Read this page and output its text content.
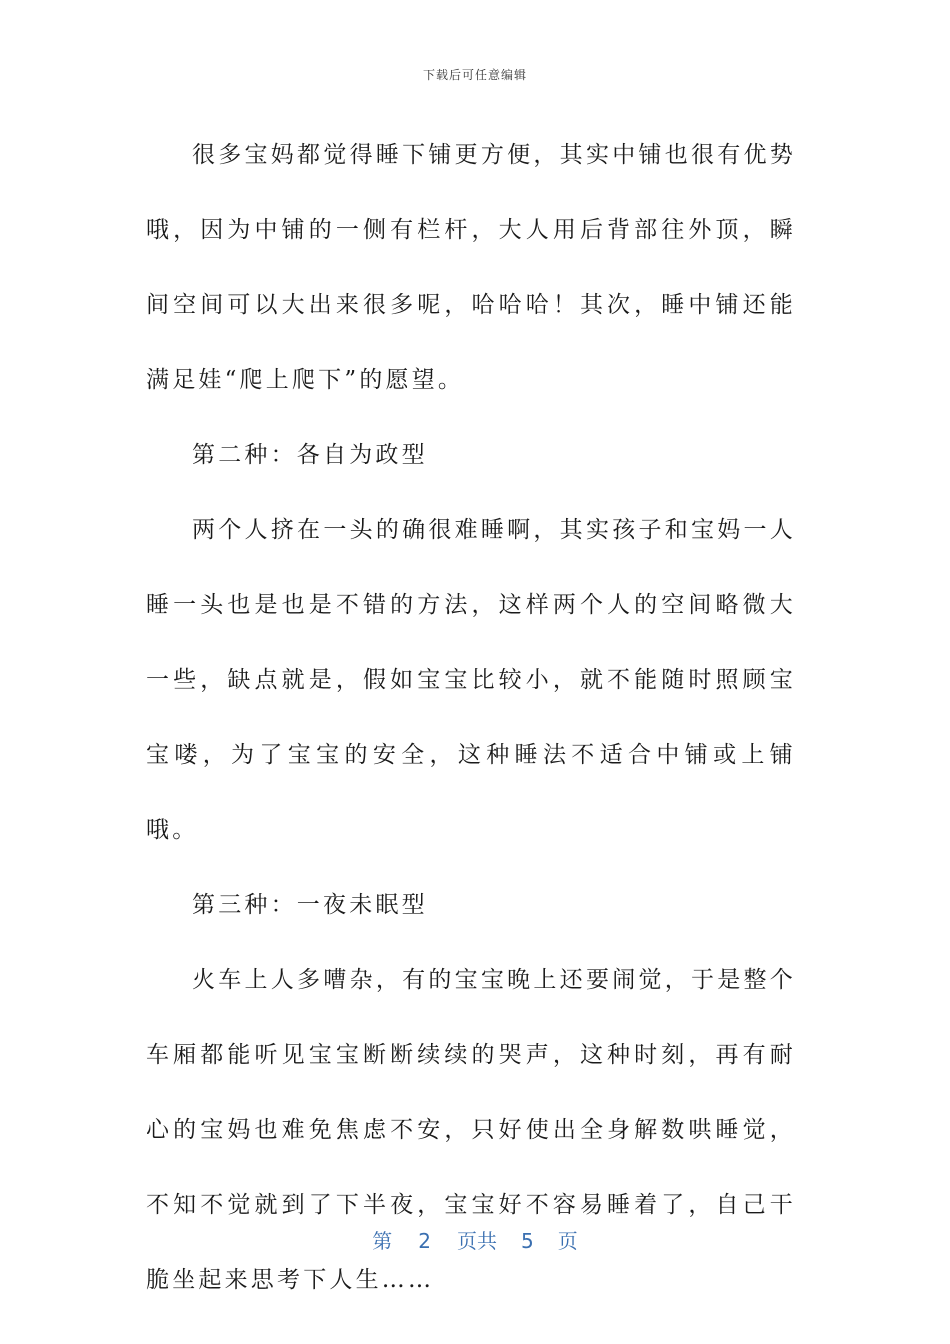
下载后可任意编辑

很多宝妈都觉得睡下铺更方便，其实中铺也很有优势哦，因为中铺的一侧有栏杆，大人用后背部往外顶，瞬间空间可以大出来很多呢，哈哈哈！其次，睡中铺还能满足娃“爬上爬下”的愿望。

第二种：各自为政型

两个人挤在一头的确很难睡啊，其实孩子和宝妈一人睡一头也是也是不错的方法，这样两个人的空间略微大一些，缺点就是，假如宝宝比较小，就不能随时照顾宝宝喽，为了宝宝的安全，这种睡法不适合中铺或上铺哦。

第三种：一夜未眠型

火车上人多嘈杂，有的宝宝晚上还要闹觉，于是整个车厢都能听见宝宝断断续续的哭声，这种时刻，再有耐心的宝妈也难免焦虑不安，只好使出全身解数哄睡觉，不知不觉就到了下半夜，宝宝好不容易睡着了，自己干脆坐起来思考下人生……

第 2 页共 5 页
